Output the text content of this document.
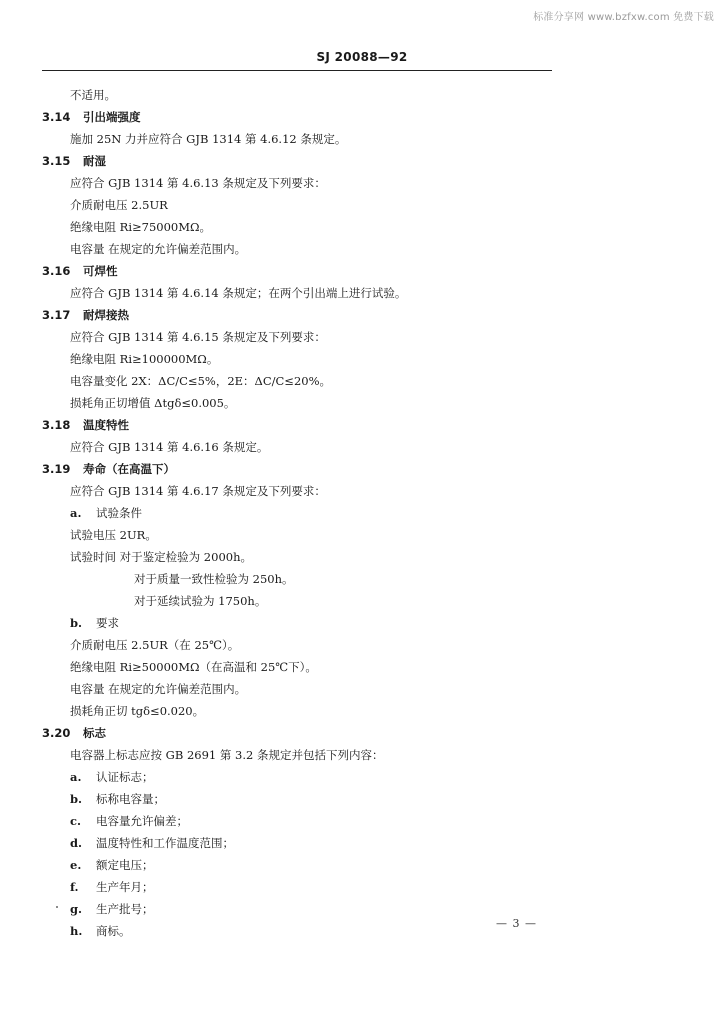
标准分享网 www.bzfxw.com 免费下载
SJ 20088—92
不适用。
3.14 引出端强度
施加 25N 力并应符合 GJB 1314 第 4.6.12 条规定。
3.15 耐湿
应符合 GJB 1314 第 4.6.13 条规定及下列要求：
介质耐电压 2.5UR
绝缘电阻 Ri≥75000MΩ。
电容量 在规定的允许偏差范围内。
3.16 可焊性
应符合 GJB 1314 第 4.6.14 条规定；在两个引出端上进行试验。
3.17 耐焊接热
应符合 GJB 1314 第 4.6.15 条规定及下列要求：
绝缘电阻 Ri≥100000MΩ。
电容量变化 2X：ΔC/C≤5%，2E：ΔC/C≤20%。
损耗角正切增值 Δtgδ≤0.005。
3.18 温度特性
应符合 GJB 1314 第 4.6.16 条规定。
3.19 寿命（在高温下）
应符合 GJB 1314 第 4.6.17 条规定及下列要求：
a. 试验条件
试验电压 2UR。
试验时间 对于鉴定检验为 2000h。
对于质量一致性检验为 250h。
对于延续试验为 1750h。
b. 要求
介质耐电压 2.5UR（在 25℃）。
绝缘电阻 Ri≥50000MΩ（在高温和 25℃下）。
电容量 在规定的允许偏差范围内。
损耗角正切 tgδ≤0.020。
3.20 标志
电容器上标志应按 GB 2691 第 3.2 条规定并包括下列内容：
a. 认证标志；
b. 标称电容量；
c. 电容量允许偏差；
d. 温度特性和工作温度范围；
e. 额定电压；
f. 生产年月；
g. 生产批号；
h. 商标。
— 3 —
